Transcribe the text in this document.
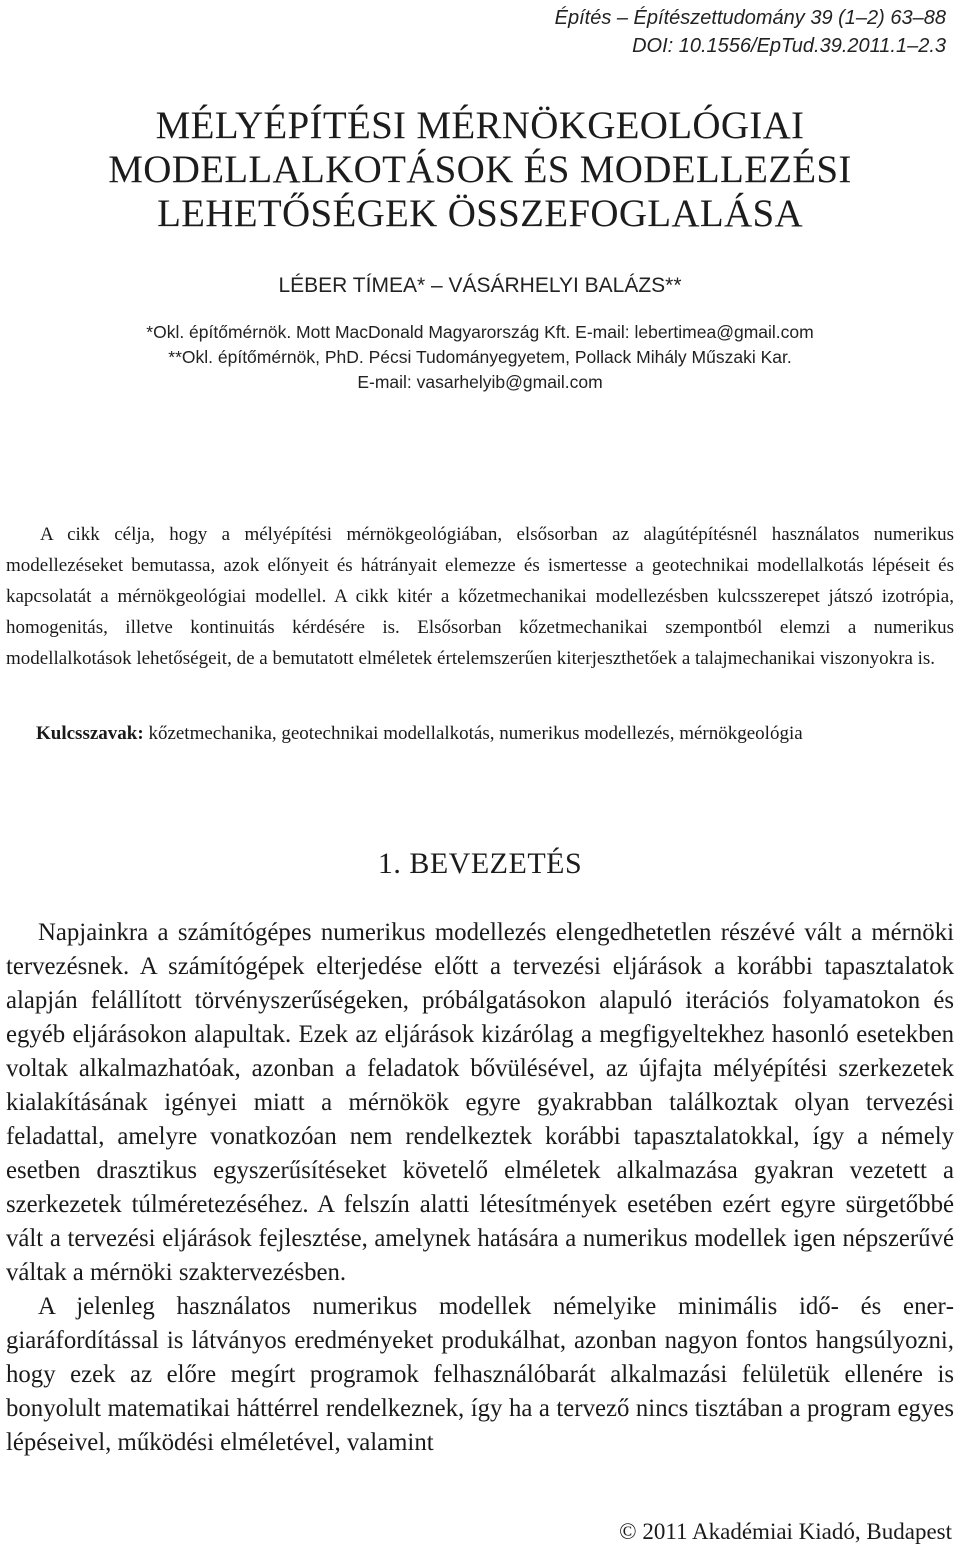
Építés – Építészettudomány 39 (1–2) 63–88
DOI: 10.1556/EpTud.39.2011.1–2.3
MÉLYÉPÍTÉSI MÉRNÖKGEOLÓGIAI
MODELLALKOTÁSOK ÉS MODELLEZÉSI
LEHETŐSÉGEK ÖSSZEFOGLALÁSA
LÉBER TÍMEA* – VÁSÁRHELYI BALÁZS**
*Okl. építőmérnök. Mott MacDonald Magyarország Kft. E-mail: lebertimea@gmail.com
**Okl. építőmérnök, PhD. Pécsi Tudományegyetem, Pollack Mihály Műszaki Kar.
E-mail: vasarhelyib@gmail.com
A cikk célja, hogy a mélyépítési mérnökgeológiában, elsősorban az alagútépítésnél használatos numerikus modellezéseket bemutassa, azok előnyeit és hátrányait elemezze és ismertesse a geotechnikai modellalkotás lépéseit és kapcsolatát a mérnökgeológiai modellel. A cikk kitér a kőzetmechanikai modellezésben kulcsszerepet játszó izotrópia, homogenitás, illetve kontinuitás kérdésére is. Elsősorban kőzetmechanikai szempontból elemzi a numerikus modellalkotások lehetőségeit, de a bemutatott elméletek értelemszerűen kiterjeszthetőek a talajmechanikai viszonyokra is.
Kulcsszavak: kőzetmechanika, geotechnikai modellalkotás, numerikus modellezés, mérnökgeológia
1. BEVEZETÉS

Napjainkra a számítógépes numerikus modellezés elengedhetetlen részévé vált a mérnöki tervezésnek. A számítógépek elterjedése előtt a tervezési eljárások a korábbi tapasztalatok alapján felállított törvényszerűségeken, próbálgatásokon alapuló iterációs folyamatokon és egyéb eljárásokon alapultak. Ezek az eljárások kizárólag a megfigyeltekhez hasonló esetekben voltak alkalmazhatóak, azonban a feladatok bővülésével, az újfajta mélyépítési szerkezetek kialakításának igényei miatt a mérnökök egyre gyakrabban találkoztak olyan tervezési feladattal, amelyre vonatkozóan nem rendelkeztek korábbi tapasztalatokkal, így a némely esetben drasztikus egyszerűsítéseket követelő elméletek alkalmazása gyakran vezetett a szerkezetek túlméretezéséhez. A felszín alatti létesítmények esetében ezért egyre sürgetőbbé vált a tervezési eljárások fejlesztése, amelynek hatására a numerikus modellek igen népszerűvé váltak a mérnöki szaktervezésben.

A jelenleg használatos numerikus modellek némelyike minimális idő- és energiaráfordítással is látványos eredményeket produkálhat, azonban nagyon fontos hangsúlyozni, hogy ezek az előre megírt programok felhasználóbarát alkalmazási felületük ellenére is bonyolult matematikai háttérrel rendelkeznek, így ha a tervező nincs tisztában a program egyes lépéseivel, működési elméletével, valamint

© 2011 Akadémiai Kiadó, Budapest
